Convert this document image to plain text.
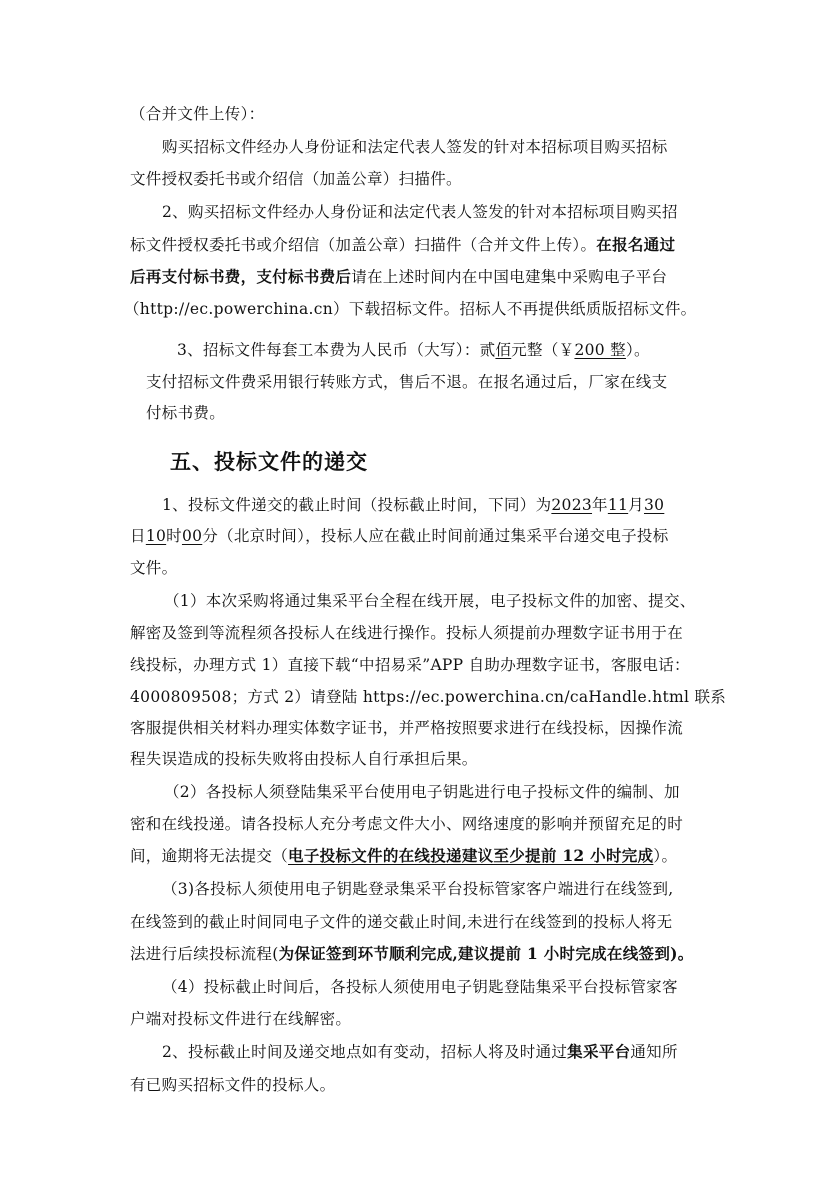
（合并文件上传）：

购买招标文件经办人身份证和法定代表人签发的针对本招标项目购买招标

文件授权委托书或介绍信（加盖公章）扫描件。

2、购买招标文件经办人身份证和法定代表人签发的针对本招标项目购买招

标文件授权委托书或介绍信（加盖公章）扫描件（合并文件上传）。在报名通过

后再支付标书费，支付标书费后请在上述时间内在中国电建集中采购电子平台

（http://ec.powerchina.cn）下载招标文件。招标人不再提供纸质版招标文件。

3、招标文件每套工本费为人民币（大写）：贰佰元整（￥200 整）。

支付招标文件费采用银行转账方式，售后不退。在报名通过后，厂家在线支

付标书费。

五、投标文件的递交

1、投标文件递交的截止时间（投标截止时间，下同）为2023年11月30

日10时00分（北京时间），投标人应在截止时间前通过集采平台递交电子投标

文件。

（1）本次采购将通过集采平台全程在线开展，电子投标文件的加密、提交、

解密及签到等流程须各投标人在线进行操作。投标人须提前办理数字证书用于在

线投标，办理方式 1）直接下载“中招易采”APP 自助办理数字证书，客服电话：

4000809508；方式 2）请登陆 https://ec.powerchina.cn/caHandle.html 联系

客服提供相关材料办理实体数字证书，并严格按照要求进行在线投标，因操作流

程失误造成的投标失败将由投标人自行承担后果。

（2）各投标人须登陆集采平台使用电子钥匙进行电子投标文件的编制、加

密和在线投递。请各投标人充分考虑文件大小、网络速度的影响并预留充足的时

间，逾期将无法提交（电子投标文件的在线投递建议至少提前 12 小时完成）。

（3)各投标人须使用电子钥匙登录集采平台投标管家客户端进行在线签到,

在线签到的截止时间同电子文件的递交截止时间,未进行在线签到的投标人将无

法进行后续投标流程(为保证签到环节顺利完成,建议提前 1 小时完成在线签到)。

（4）投标截止时间后，各投标人须使用电子钥匙登陆集采平台投标管家客

户端对投标文件进行在线解密。

2、投标截止时间及递交地点如有变动，招标人将及时通过集采平台通知所

有已购买招标文件的投标人。
